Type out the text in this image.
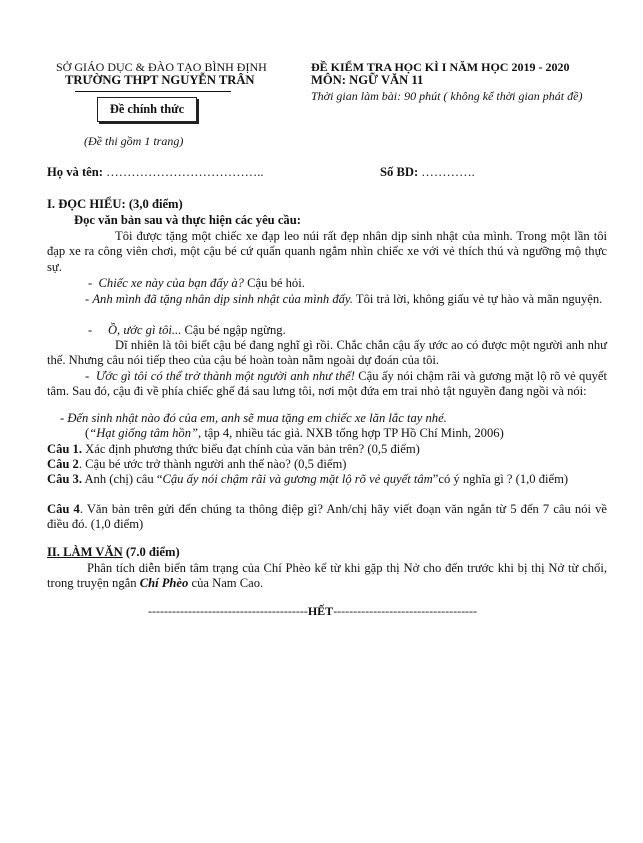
SỞ GIÁO DỤC & ĐÀO TẠO BÌNH ĐỊNH
TRƯỜNG THPT NGUYỄN TRÂN
Đề chính thức
(Đề thi gồm 1 trang)
ĐỀ KIỂM TRA HỌC KÌ I NĂM HỌC 2019 - 2020
MÔN: NGỮ VĂN 11
Thời gian làm bài: 90 phút ( không kể thời gian phát đề)
Họ và tên: ………………………………..	Số BD: ………….
I. ĐỌC HIỂU: (3,0 điểm)
Đọc văn bản sau và thực hiện các yêu cầu:
Tôi được tặng một chiếc xe đạp leo núi rất đẹp nhân dịp sinh nhật của mình. Trong một lần tôi đạp xe ra công viên chơi, một cậu bé cứ quẩn quanh ngắm nhìn chiếc xe với vẻ thích thú và ngưỡng mộ thực sự.
-  Chiếc xe này của bạn đấy à? Cậu bé hỏi.
- Anh mình đã tặng nhân dịp sinh nhật của mình đấy. Tôi trả lời, không giấu vẻ tự hào và mãn nguyện.
-     Ồ, ước gì tôi... Cậu bé ngập ngừng.
Dĩ nhiên là tôi biết cậu bé đang nghĩ gì rồi. Chắc chắn cậu ấy ước ao có được một người anh như thế. Nhưng câu nói tiếp theo của cậu bé hoàn toàn nằm ngoài dự đoán của tôi.
-  Ước gì tôi có thể trở thành một người anh như thế! Cậu ấy nói chậm rãi và gương mặt lộ rõ vẻ quyết tâm. Sau đó, cậu đi về phía chiếc ghế đá sau lưng tôi, nơi một đứa em trai nhỏ tật nguyền đang ngồi và nói:
- Đến sinh nhật nào đó của em, anh sẽ mua tặng em chiếc xe lăn lắc tay nhé.
(“Hạt giống tâm hồn”, tập 4, nhiều tác giả. NXB tổng hợp TP Hồ Chí Minh, 2006)
Câu 1. Xác định phương thức biểu đạt chính của văn bản trên? (0,5 điểm)
Câu 2. Cậu bé ước trở thành người anh thế nào? (0,5 điểm)
Câu 3. Anh (chị) câu “Cậu ấy nói chậm rãi và gương mặt lộ rõ vẻ quyết tâm”có ý nghĩa gì ? (1,0 điểm)
Câu 4. Văn bản trên gửi đến chúng ta thông điệp gì? Anh/chị hãy viết đoạn văn ngắn từ 5 đến 7 câu nói về điều đó. (1,0 điểm)
II. LÀM VĂN (7.0 điểm)
Phân tích diễn biến tâm trạng của Chí Phèo kể từ khi gặp thị Nở cho đến trước khi bị thị Nở từ chối, trong truyện ngắn Chí Phèo của Nam Cao.
----------------------------------------HẾT------------------------------------
